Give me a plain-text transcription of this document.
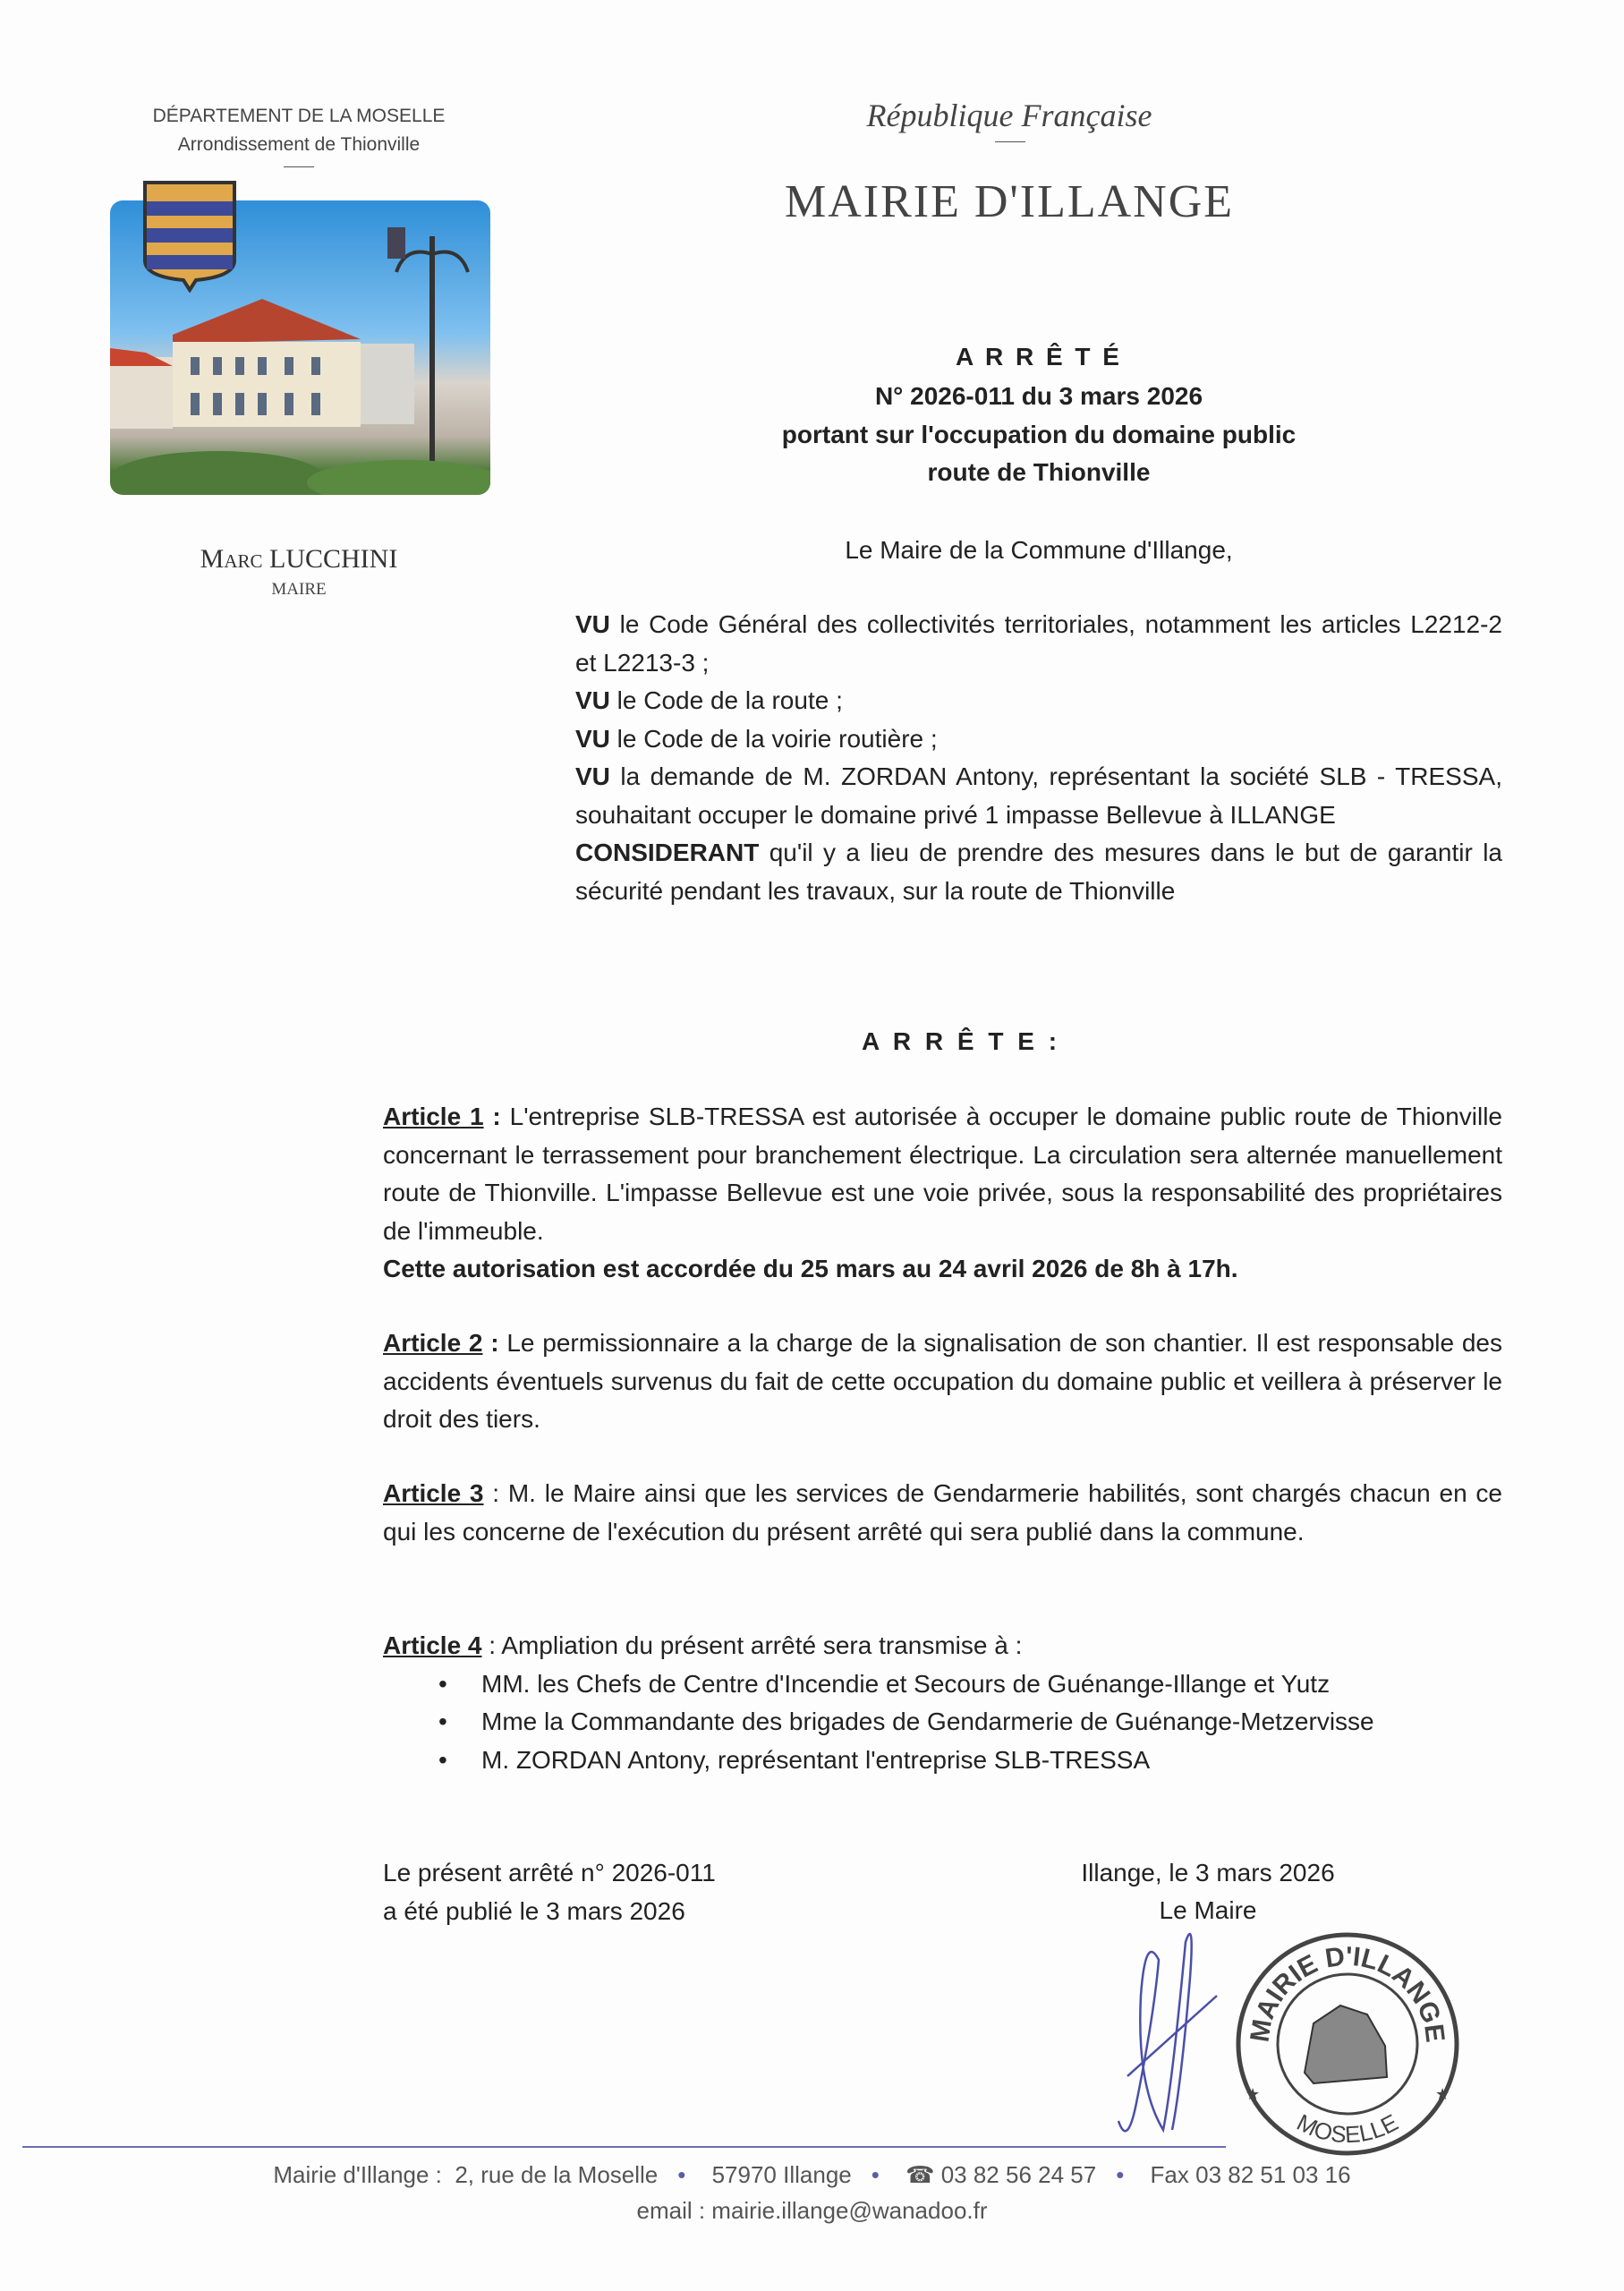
DÉPARTEMENT DE LA MOSELLE
Arrondissement de Thionville
Marc LUCCHINI
MAIRE
République Française
MAIRIE D'ILLANGE
A R R Ê T É
N° 2026-011 du 3 mars 2026
portant sur l'occupation du domaine public
route de Thionville
Le Maire de la Commune d'Illange,
VU le Code Général des collectivités territoriales, notamment les articles L2212-2 et L2213-3 ;
VU le Code de la route ;
VU le Code de la voirie routière ;
VU la demande de M. ZORDAN Antony, représentant la société SLB - TRESSA, souhaitant occuper le domaine privé 1 impasse Bellevue à ILLANGE
CONSIDERANT qu'il y a lieu de prendre des mesures dans le but de garantir la sécurité pendant les travaux, sur la route de Thionville
A R R Ê T E :
Article 1 : L'entreprise SLB-TRESSA est autorisée à occuper le domaine public route de Thionville concernant le terrassement pour branchement électrique. La circulation sera alternée manuellement route de Thionville. L'impasse Bellevue est une voie privée, sous la responsabilité des propriétaires de l'immeuble.
Cette autorisation est accordée du 25 mars au 24 avril 2026 de 8h à 17h.
Article 2 : Le permissionnaire a la charge de la signalisation de son chantier. Il est responsable des accidents éventuels survenus du fait de cette occupation du domaine public et veillera à préserver le droit des tiers.
Article 3 : M. le Maire ainsi que les services de Gendarmerie habilités, sont chargés chacun en ce qui les concerne de l'exécution du présent arrêté qui sera publié dans la commune.
Article 4 : Ampliation du présent arrêté sera transmise à :
• MM. les Chefs de Centre d'Incendie et Secours de Guénange-Illange et Yutz
• Mme la Commandante des brigades de Gendarmerie de Guénange-Metzervisse
• M. ZORDAN Antony, représentant l'entreprise SLB-TRESSA
Le présent arrêté n° 2026-011
a été publié le 3 mars 2026
Illange, le 3 mars 2026
Le Maire
★	★
MAIRIE D'ILLANGE
MOSELLE
Mairie d'Illange : 2, rue de la Moselle • 57970 Illange • ☎ 03 82 56 24 57 • Fax 03 82 51 03 16
email : mairie.illange@wanadoo.fr
